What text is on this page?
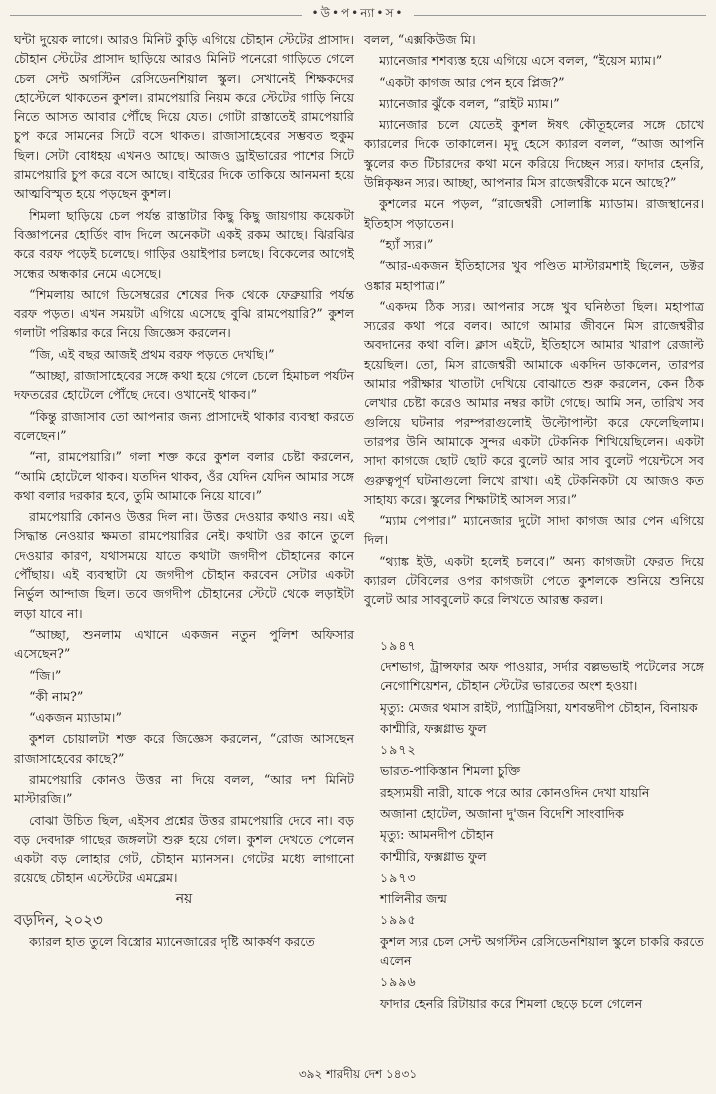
•উ•প•ন্যা•স•

ঘন্টা দুয়েক লাগে। আরও মিনিট কুড়ি এগিয়ে চৌহান স্টেটের প্রাসাদ। চৌহান স্টেটের প্রাসাদ ছাড়িয়ে আরও মিনিট পনেরো গাড়িতে গেলে চেল সেন্ট অগস্টিন রেসিডেনশিয়াল স্কুল। সেখানেই শিক্ষকদের হোস্টেলে থাকতেন কুশল। রামপেয়ারি নিয়ম করে স্টেটের গাড়ি নিয়ে নিতে আসত আবার পৌঁছে দিয়ে যেত। গোটা রাস্তাতেই রামপেয়ারি চুপ করে সামনের সিটে বসে থাকত। রাজাসাহেবের সম্ভবত হুকুম ছিল। সেটা বোধহয় এখনও আছে। আজও ড্রাইভারের পাশের সিটে রামপেয়ারি চুপ করে বসে আছে। বাইরের দিকে তাকিয়ে আনমনা হয়ে আত্মবিস্মৃত হয়ে পড়ছেন কুশল।

শিমলা ছাড়িয়ে চেল পর্যন্ত রাস্তাটার কিছু কিছু জায়গায় কয়েকটা বিজ্ঞাপনের হোর্ডিং বাদ দিলে অনেকটা একই রকম আছে। ঝিরঝির করে বরফ পড়েই চলেছে। গাড়ির ওয়াইপার চলছে। বিকেলের আগেই সন্ধের অন্ধকার নেমে এসেছে।

“শিমলায় আগে ডিসেম্বরের শেষের দিক থেকে ফেব্রুয়ারি পর্যন্ত বরফ পড়ত। এখন সময়টা এগিয়ে এসেছে বুঝি রামপেয়ারি?” কুশল গলাটা পরিষ্কার করে নিয়ে জিজ্ঞেস করলেন।

“জি, এই বছর আজই প্রথম বরফ পড়তে দেখছি।”

“আচ্ছা, রাজাসাহেবের সঙ্গে কথা হয়ে গেলে চেলে হিমাচল পর্যটন দফতরের হোটেলে পৌঁছে দেবে। ওখানেই থাকব।”

“কিন্তু রাজাসাব তো আপনার জন্য প্রাসাদেই থাকার ব্যবস্থা করতে বলেছেন।”

“না, রামপেয়ারি।” গলা শক্ত করে কুশল বলার চেষ্টা করলেন, “আমি হোটেলে থাকব। যতদিন থাকব, ওঁর যেদিন যেদিন আমার সঙ্গে কথা বলার দরকার হবে, তুমি আমাকে নিয়ে যাবে।”

রামপেয়ারি কোনও উত্তর দিল না। উত্তর দেওয়ার কথাও নয়। এই সিদ্ধান্ত নেওয়ার ক্ষমতা রামপেয়ারির নেই। কথাটা ওর কানে তুলে দেওয়ার কারণ, যথাসময়ে যাতে কথাটা জগদীপ চৌহানের কানে পৌঁছায়। এই ব্যবস্থাটা যে জগদীপ চৌহান করবেন সেটার একটা নির্ভুল আন্দাজ ছিল। তবে জগদীপ চৌহানের স্টেটে থেকে লড়াইটা লড়া যাবে না।

“আচ্ছা, শুনলাম এখানে একজন নতুন পুলিশ অফিসার এসেছেন?”

“জি।”

“কী নাম?”

“একজন ম্যাডাম।”

কুশল চোয়ালটা শক্ত করে জিজ্ঞেস করলেন, “রোজ আসছেন রাজাসাহেবের কাছে?”

রামপেয়ারি কোনও উত্তর না দিয়ে বলল, “আর দশ মিনিট মাস্টারজি।”

বোঝা উচিত ছিল, এইসব প্রশ্নের উত্তর রামপেয়ারি দেবে না। বড় বড় দেবদারু গাছের জঙ্গলটা শুরু হয়ে গেল। কুশল দেখতে পেলেন একটা বড় লোহার গেট, চৌহান ম্যানসন। গেটের মধ্যে লাগানো রয়েছে চৌহান এস্টেটের এমব্লেম।

নয়

বড়দিন, ২০২৩

ক্যারল হাত তুলে বিস্ত্রোর ম্যানেজারের দৃষ্টি আকর্ষণ করতে

বলল, “এক্সকিউজ মি।

ম্যানেজার শশব্যস্ত হয়ে এগিয়ে এসে বলল, “ইয়েস ম্যাম।”

“একটা কাগজ আর পেন হবে প্লিজ?”

ম্যানেজার ঝুঁকে বলল, “রাইট ম্যাম।”

ম্যানেজার চলে যেতেই কুশল ঈষৎ কৌতূহলের সঙ্গে চোখে ক্যারলের দিকে তাকালেন। মৃদু হেসে ক্যারল বলল, “আজ আপনি স্কুলের কত টিচারদের কথা মনে করিয়ে দিচ্ছেন স্যর। ফাদার হেনরি, উন্নিকৃষ্ণন স্যর। আচ্ছা, আপনার মিস রাজেশ্বরীকে মনে আছে?”

কুশলের মনে পড়ল, “রাজেশ্বরী সোলাঙ্কি ম্যাডাম। রাজস্থানের। ইতিহাস পড়াতেন।

“হ্যাঁ স্যর।”

“আর-একজন ইতিহাসের খুব পণ্ডিত মাস্টারমশাই ছিলেন, ডক্টর ওঙ্কার মহাপাত্র।”

“একদম ঠিক স্যর। আপনার সঙ্গে খুব ঘনিষ্ঠতা ছিল। মহাপাত্র স্যরের কথা পরে বলব। আগে আমার জীবনে মিস রাজেশ্বরীর অবদানের কথা বলি। ক্লাস এইটে, ইতিহাসে আমার খারাপ রেজাল্ট হয়েছিল। তো, মিস রাজেশ্বরী আমাকে একদিন ডাকলেন, তারপর আমার পরীক্ষার খাতাটা দেখিয়ে বোঝাতে শুরু করলেন, কেন ঠিক লেখার চেষ্টা করেও আমার নম্বর কাটা গেছে। আমি সন, তারিখ সব গুলিয়ে ঘটনার পরম্পরাগুলোই উল্টোপাল্টা করে ফেলেছিলাম। তারপর উনি আমাকে সুন্দর একটা টেকনিক শিখিয়েছিলেন। একটা সাদা কাগজে ছোট ছোট করে বুলেট আর সাব বুলেট পয়েন্টসে সব গুরুত্বপূর্ণ ঘটনাগুলো লিখে রাখা। এই টেকনিকটা যে আজও কত সাহায্য করে। স্কুলের শিক্ষাটাই আসল স্যর।”

“ম্যাম পেপার।” ম্যানেজার দুটো সাদা কাগজ আর পেন এগিয়ে দিল।

“থ্যাঙ্ক ইউ, একটা হলেই চলবে।” অন্য কাগজটা ফেরত দিয়ে ক্যারল টেবিলের ওপর কাগজটা পেতে কুশলকে শুনিয়ে শুনিয়ে বুলেট আর সাববুলেট করে লিখতে আরম্ভ করল।

১৯৪৭

দেশভাগ, ট্রান্সফার অফ পাওয়ার, সর্দার বল্লভভাই পটেলের সঙ্গে নেগোশিয়েশন, চৌহান স্টেটের ভারতের অংশ হওয়া।

মৃত্যু: মেজর থমাস রাইট, প্যাট্রিসিয়া, যশবন্তদীপ চৌহান, বিনায়ক

কাশ্মীরি, ফক্সগ্লাভ ফুল

১৯৭২

ভারত-পাকিস্তান শিমলা চুক্তি

রহস্যময়ী নারী, যাকে পরে আর কোনওদিন দেখা যায়নি

অজানা হোটেল, অজানা দু'জন বিদেশি সাংবাদিক

মৃত্যু: আমনদীপ চৌহান

কাশ্মীরি, ফক্সগ্লাভ ফুল

১৯৭৩

শালিনীর জন্ম

১৯৯৫

কুশল স্যর চেল সেন্ট অগস্টিন রেসিডেনশিয়াল স্কুলে চাকরি করতে এলেন

১৯৯৬

ফাদার হেনরি রিটায়ার করে শিমলা ছেড়ে চলে গেলেন

৩৯২ শারদীয় দেশ ১৪৩১
